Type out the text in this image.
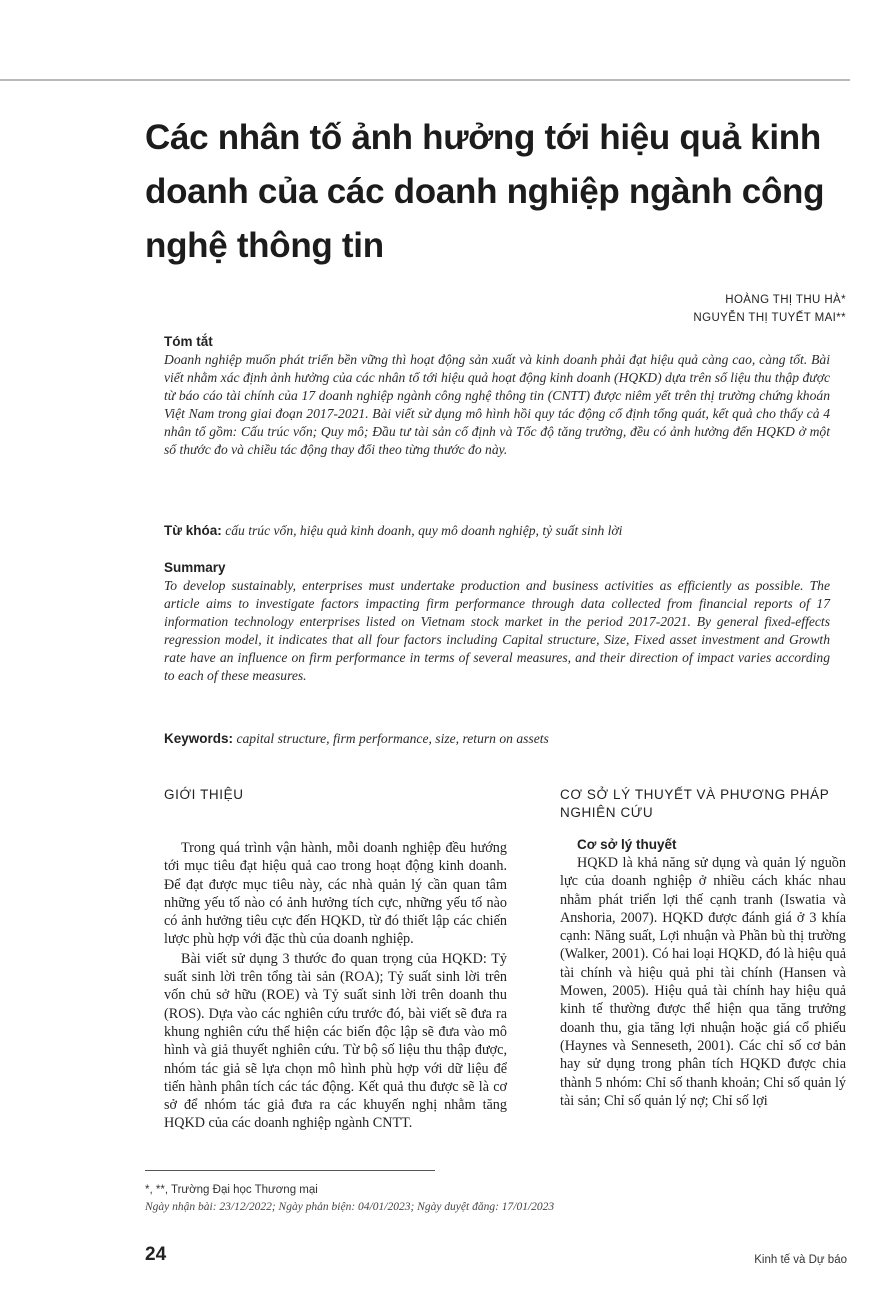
Các nhân tố ảnh hưởng tới hiệu quả kinh doanh của các doanh nghiệp ngành công nghệ thông tin
HOÀNG THỊ THU HÀ*
NGUYỄN THỊ TUYẾT MAI**
Tóm tắt

Doanh nghiệp muốn phát triển bền vững thì hoạt động sản xuất và kinh doanh phải đạt hiệu quả càng cao, càng tốt. Bài viết nhằm xác định ảnh hưởng của các nhân tố tới hiệu quả hoạt động kinh doanh (HQKD) dựa trên số liệu thu thập được từ báo cáo tài chính của 17 doanh nghiệp ngành công nghệ thông tin (CNTT) được niêm yết trên thị trường chứng khoán Việt Nam trong giai đoạn 2017-2021. Bài viết sử dụng mô hình hồi quy tác động cố định tổng quát, kết quả cho thấy cả 4 nhân tố gồm: Cấu trúc vốn; Quy mô; Đầu tư tài sản cố định và Tốc độ tăng trưởng, đều có ảnh hưởng đến HQKD ở một số thước đo và chiều tác động thay đổi theo từng thước đo này.

Từ khóa: cấu trúc vốn, hiệu quả kinh doanh, quy mô doanh nghiệp, tỷ suất sinh lời

Summary

To develop sustainably, enterprises must undertake production and business activities as efficiently as possible. The article aims to investigate factors impacting firm performance through data collected from financial reports of 17 information technology enterprises listed on Vietnam stock market in the period 2017-2021. By general fixed-effects regression model, it indicates that all four factors including Capital structure, Size, Fixed asset investment and Growth rate have an influence on firm performance in terms of several measures, and their direction of impact varies according to each of these measures.

Keywords: capital structure, firm performance, size, return on assets

GIỚI THIỆU

Trong quá trình vận hành, mỗi doanh nghiệp đều hướng tới mục tiêu đạt hiệu quả cao trong hoạt động kinh doanh. Để đạt được mục tiêu này, các nhà quản lý cần quan tâm những yếu tố nào có ảnh hưởng tích cực, những yếu tố nào có ảnh hưởng tiêu cực đến HQKD, từ đó thiết lập các chiến lược phù hợp với đặc thù của doanh nghiệp.

Bài viết sử dụng 3 thước đo quan trọng của HQKD: Tỷ suất sinh lời trên tổng tài sản (ROA); Tỷ suất sinh lời trên vốn chủ sở hữu (ROE) và Tỷ suất sinh lời trên doanh thu (ROS). Dựa vào các nghiên cứu trước đó, bài viết sẽ đưa ra khung nghiên cứu thể hiện các biến độc lập sẽ đưa vào mô hình và giả thuyết nghiên cứu. Từ bộ số liệu thu thập được, nhóm tác giả sẽ lựa chọn mô hình phù hợp với dữ liệu để tiến hành phân tích các tác động. Kết quả thu được sẽ là cơ sở để nhóm tác giả đưa ra các khuyến nghị nhằm tăng HQKD của các doanh nghiệp ngành CNTT.

CƠ SỞ LÝ THUYẾT VÀ PHƯƠNG PHÁP NGHIÊN CỨU
Cơ sở lý thuyết

HQKD là khả năng sử dụng và quản lý nguồn lực của doanh nghiệp ở nhiều cách khác nhau nhằm phát triển lợi thế cạnh tranh (Iswatia và Anshoria, 2007). HQKD được đánh giá ở 3 khía cạnh: Năng suất, Lợi nhuận và Phần bù thị trường (Walker, 2001). Có hai loại HQKD, đó là hiệu quả tài chính và hiệu quả phi tài chính (Hansen và Mowen, 2005). Hiệu quả tài chính hay hiệu quả kinh tế thường được thể hiện qua tăng trưởng doanh thu, gia tăng lợi nhuận hoặc giá cổ phiếu (Haynes và Senneseth, 2001). Các chỉ số cơ bản hay sử dụng trong phân tích HQKD được chia thành 5 nhóm: Chỉ số thanh khoản; Chỉ số quản lý tài sản; Chỉ số quản lý nợ; Chỉ số lợi

*, **, Trường Đại học Thương mại
Ngày nhận bài: 23/12/2022; Ngày phản biện: 04/01/2023; Ngày duyệt đăng: 17/01/2023
24	Kinh tế và Dự báo
